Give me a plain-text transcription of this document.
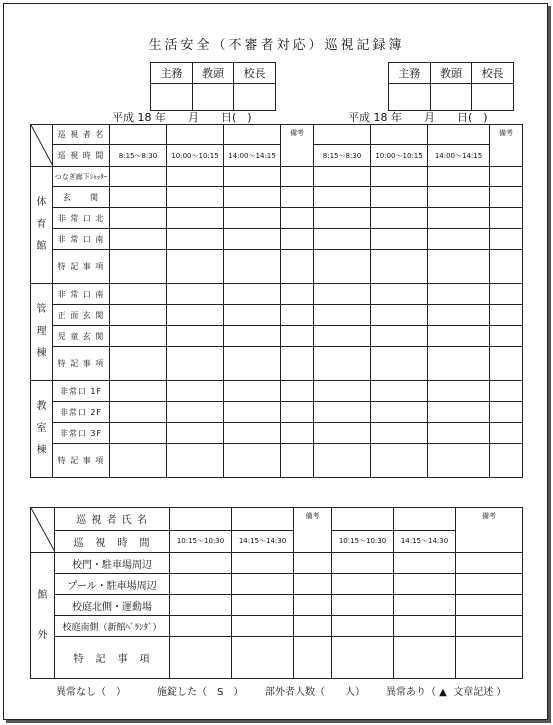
生活安全（不審者対応）巡視記録簿
主務	教頭	校長
			主務	教頭	校長

平成 18 年　　月　　日(　)	平成 18 年　　月　　日(　)
	巡 視 者 名				備考				備考
	巡 視 時 間	8:15～8:30	10:00～10:15	14:00～14:15		8:15～8:30	10:00～10:15	14:00～14:15	
体
育
館	つなぎ廊下ｼｬｯﾀｰ								
	玄　　関								
	非 常 口 北								
	非 常 口 南								
	特 記 事 項								
管
理
棟	非 常 口 南								
	正 面 玄 関								
	児 童 玄 関								
	特 記 事 項								
教
室
棟	非常口 1F								
	非常口 2F								
	非常口 3F								
	特 記 事 項								
	巡 視 者 氏 名			備考			備考
	巡　視　時　間	10:15～10:30	14:15～14:30		10:15～10:30	14:15～14:30	
館
外	校門・駐車場周辺						
	プール・駐車場周辺						
	校庭北側・運動場						
	校庭南側（新館ﾍﾞﾗﾝﾀﾞ）						
	特　記　事　項						
異常なし（　）	施錠した（　S　） 部外者人数（　　人） 異常あり（ ▲  文章記述 ）
